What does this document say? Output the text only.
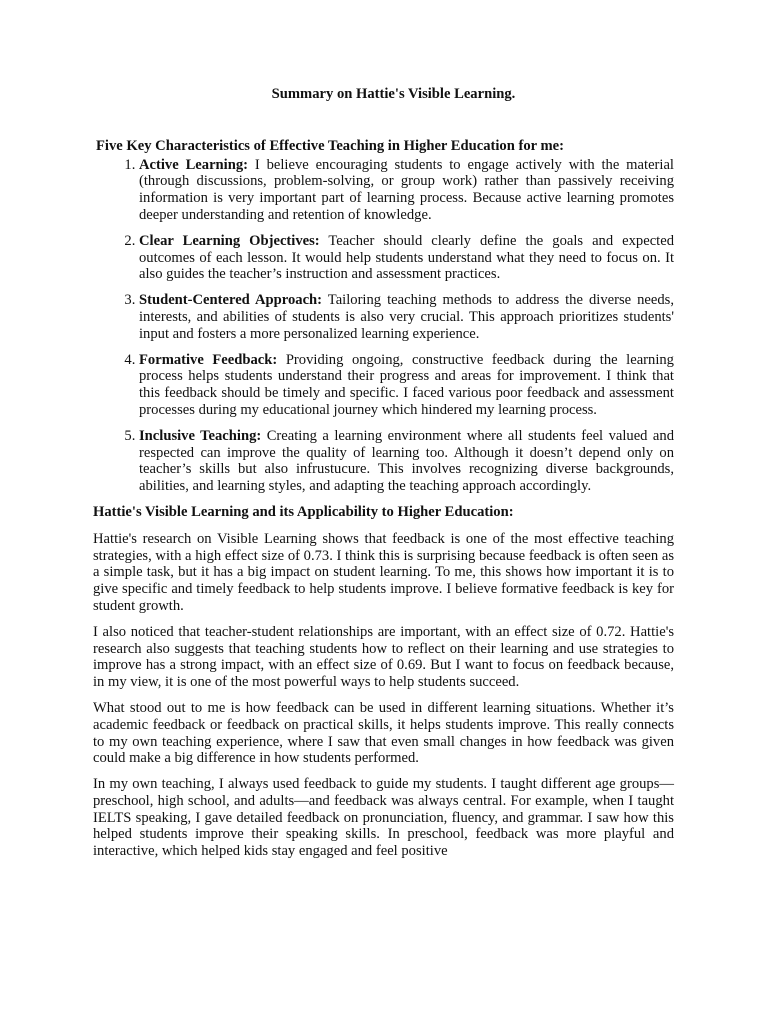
Summary on Hattie's Visible Learning.
Five Key Characteristics of Effective Teaching in Higher Education for me:
1. Active Learning: I believe encouraging students to engage actively with the material (through discussions, problem-solving, or group work) rather than passively receiving information is very important part of learning process. Because active learning promotes deeper understanding and retention of knowledge.
2. Clear Learning Objectives: Teacher should clearly define the goals and expected outcomes of each lesson. It would help students understand what they need to focus on. It also guides the teacher’s instruction and assessment practices.
3. Student-Centered Approach: Tailoring teaching methods to address the diverse needs, interests, and abilities of students is also very crucial. This approach prioritizes students' input and fosters a more personalized learning experience.
4. Formative Feedback: Providing ongoing, constructive feedback during the learning process helps students understand their progress and areas for improvement. I think that this feedback should be timely and specific. I faced various poor feedback and assessment processes during my educational journey which hindered my learning process.
5. Inclusive Teaching: Creating a learning environment where all students feel valued and respected can improve the quality of learning too. Although it doesn’t depend only on teacher’s skills but also infrustucure. This involves recognizing diverse backgrounds, abilities, and learning styles, and adapting the teaching approach accordingly.
Hattie's Visible Learning and its Applicability to Higher Education:

Hattie's research on Visible Learning shows that feedback is one of the most effective teaching strategies, with a high effect size of 0.73. I think this is surprising because feedback is often seen as a simple task, but it has a big impact on student learning. To me, this shows how important it is to give specific and timely feedback to help students improve. I believe formative feedback is key for student growth.

I also noticed that teacher-student relationships are important, with an effect size of 0.72. Hattie's research also suggests that teaching students how to reflect on their learning and use strategies to improve has a strong impact, with an effect size of 0.69. But I want to focus on feedback because, in my view, it is one of the most powerful ways to help students succeed.

What stood out to me is how feedback can be used in different learning situations. Whether it’s academic feedback or feedback on practical skills, it helps students improve. This really connects to my own teaching experience, where I saw that even small changes in how feedback was given could make a big difference in how students performed.

In my own teaching, I always used feedback to guide my students. I taught different age groups—preschool, high school, and adults—and feedback was always central. For example, when I taught IELTS speaking, I gave detailed feedback on pronunciation, fluency, and grammar. I saw how this helped students improve their speaking skills. In preschool, feedback was more playful and interactive, which helped kids stay engaged and feel positive
